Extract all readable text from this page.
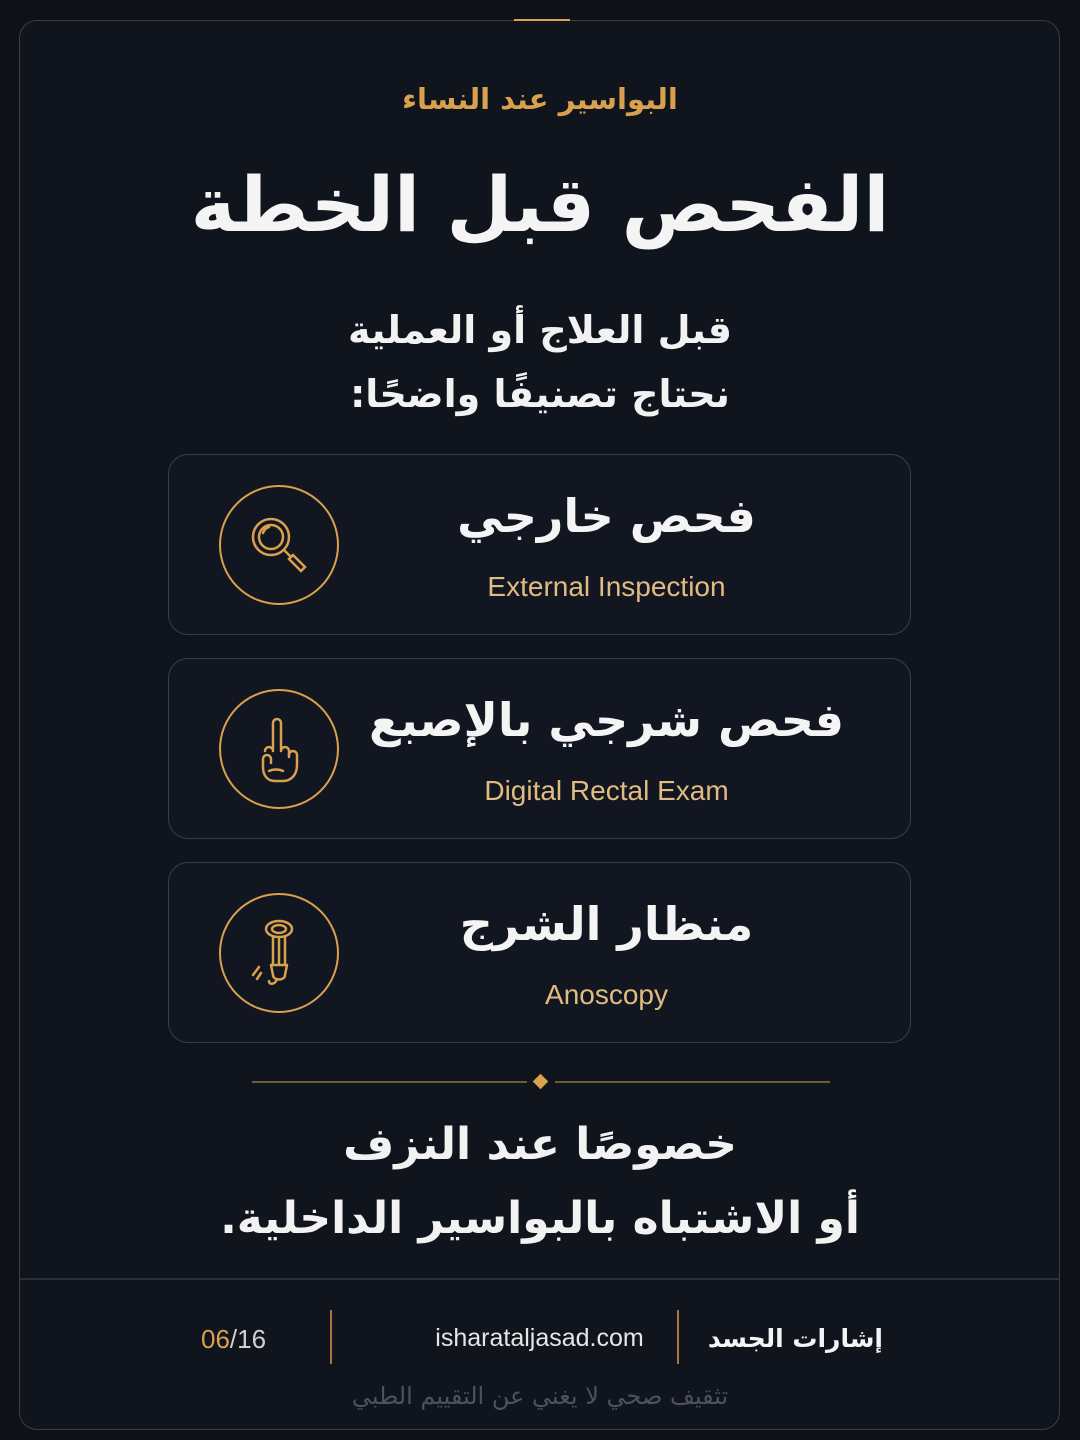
البواسير عند النساء
الفحص قبل الخطة
قبل العلاج أو العملية
نحتاج تصنيفًا واضحًا:
فحص خارجي
External Inspection
فحص شرجي بالإصبع
Digital Rectal Exam
منظار الشرج
Anoscopy
خصوصًا عند النزف
أو الاشتباه بالبواسير الداخلية.
إشارات الجسد
isharataljasad.com
06/16
تثقيف صحي لا يغني عن التقييم الطبي
